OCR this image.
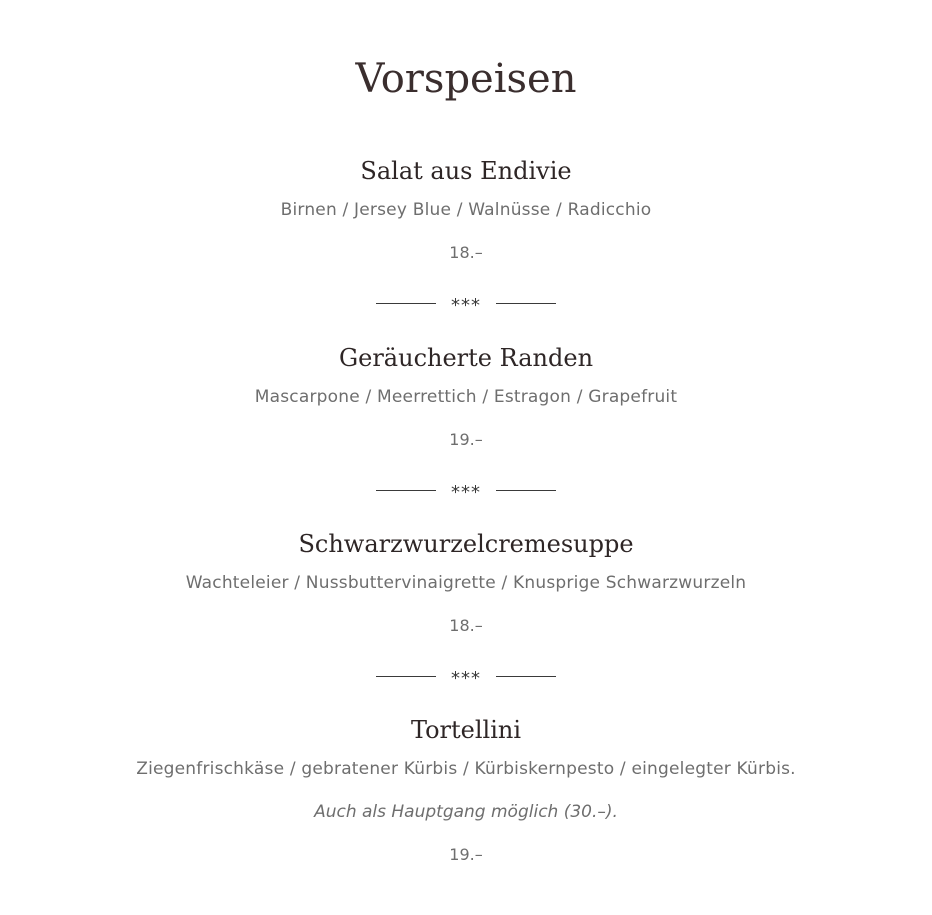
Vorspeisen
Salat aus Endivie
Birnen / Jersey Blue / Walnüsse / Radicchio
18.–
***
Geräucherte Randen
Mascarpone / Meerrettich / Estragon / Grapefruit
19.–
***
Schwarzwurzelcremesuppe
Wachteleier / Nussbuttervinaigrette / Knusprige Schwarzwurzeln
18.–
***
Tortellini
Ziegenfrischkäse / gebratener Kürbis / Kürbiskernpesto / eingelegter Kürbis.
Auch als Hauptgang möglich (30.–).
19.–
